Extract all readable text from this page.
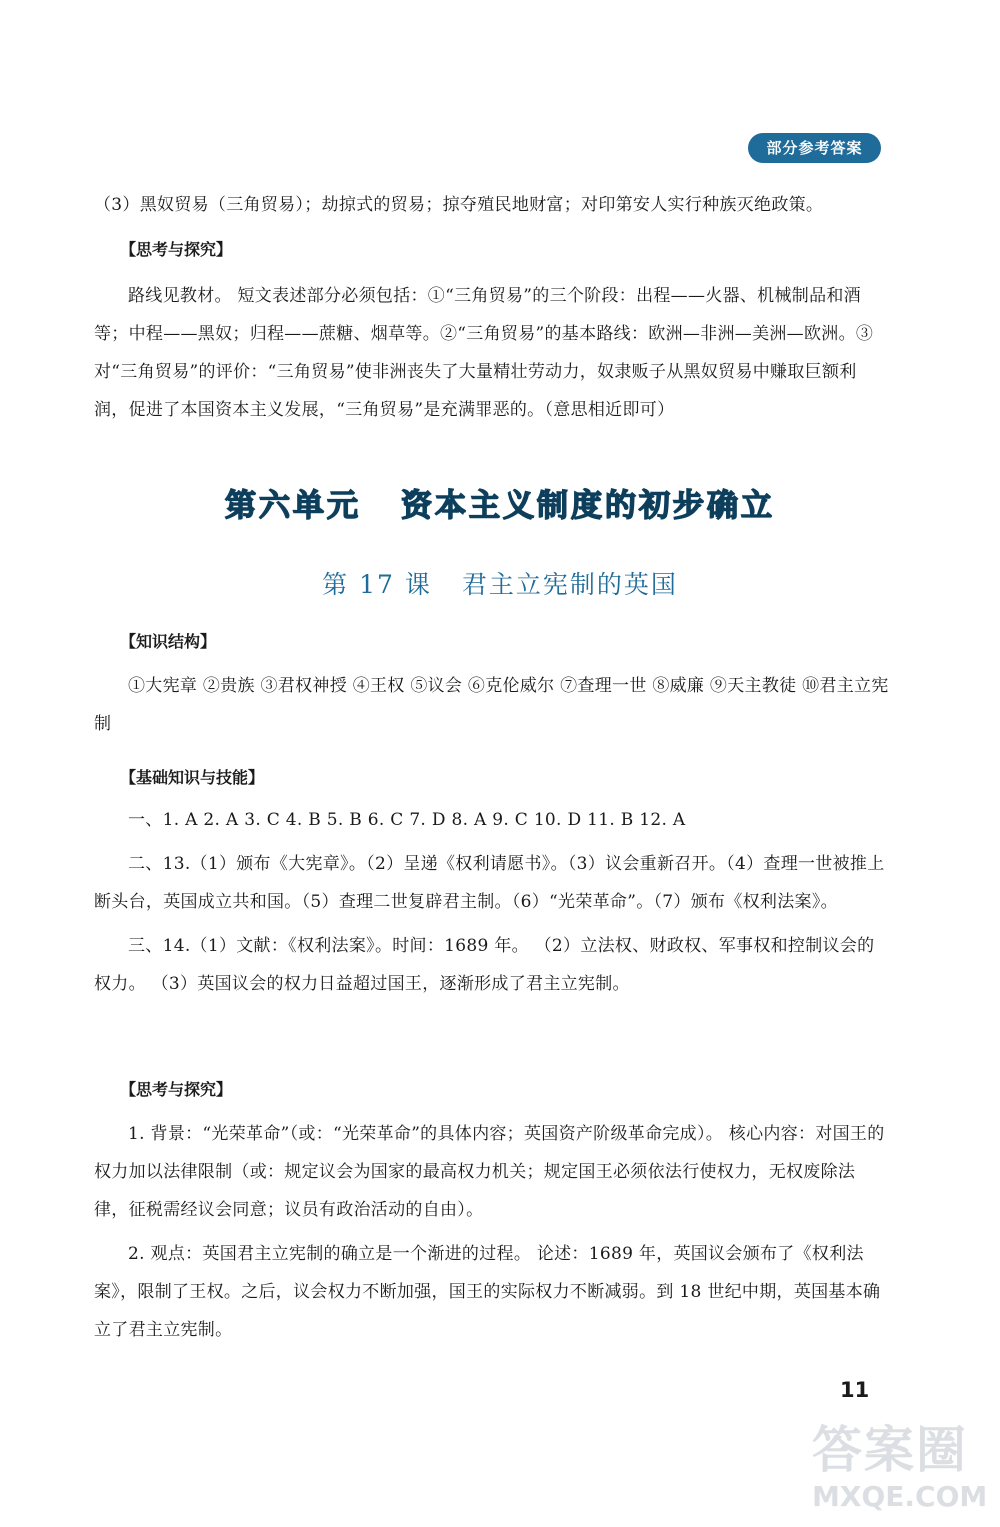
部分参考答案

（3）黑奴贸易（三角贸易）；劫掠式的贸易；掠夺殖民地财富；对印第安人实行种族灭绝政策。

【思考与探究】

路线见教材。 短文表述部分必须包括：①“三角贸易”的三个阶段：出程——火器、机械制品和酒等；中程——黑奴；归程——蔗糖、烟草等。②“三角贸易”的基本路线：欧洲—非洲—美洲—欧洲。③对“三角贸易”的评价：“三角贸易”使非洲丧失了大量精壮劳动力，奴隶贩子从黑奴贸易中赚取巨额利润，促进了本国资本主义发展，“三角贸易”是充满罪恶的。（意思相近即可）

第六单元 资本主义制度的初步确立
第 17 课 君主立宪制的英国
【知识结构】

①大宪章 ②贵族 ③君权神授 ④王权 ⑤议会 ⑥克伦威尔 ⑦查理一世 ⑧威廉 ⑨天主教徒 ⑩君主立宪制

【基础知识与技能】

一、1. A 2. A 3. C 4. B 5. B 6. C 7. D 8. A 9. C 10. D 11. B 12. A

二、13.（1）颁布《大宪章》。（2）呈递《权利请愿书》。（3）议会重新召开。（4）查理一世被推上断头台，英国成立共和国。（5）查理二世复辟君主制。（6）“光荣革命”。（7）颁布《权利法案》。

三、14.（1）文献：《权利法案》。时间：1689 年。 （2）立法权、财政权、军事权和控制议会的权力。 （3）英国议会的权力日益超过国王，逐渐形成了君主立宪制。

【思考与探究】

1. 背景：“光荣革命”（或：“光荣革命”的具体内容；英国资产阶级革命完成）。 核心内容：对国王的权力加以法律限制（或：规定议会为国家的最高权力机关；规定国王必须依法行使权力，无权废除法律，征税需经议会同意；议员有政治活动的自由）。

2. 观点：英国君主立宪制的确立是一个渐进的过程。 论述：1689 年，英国议会颁布了《权利法案》，限制了王权。之后，议会权力不断加强，国王的实际权力不断减弱。到 18 世纪中期，英国基本确立了君主立宪制。

11
答案圈
MXQE.COM
